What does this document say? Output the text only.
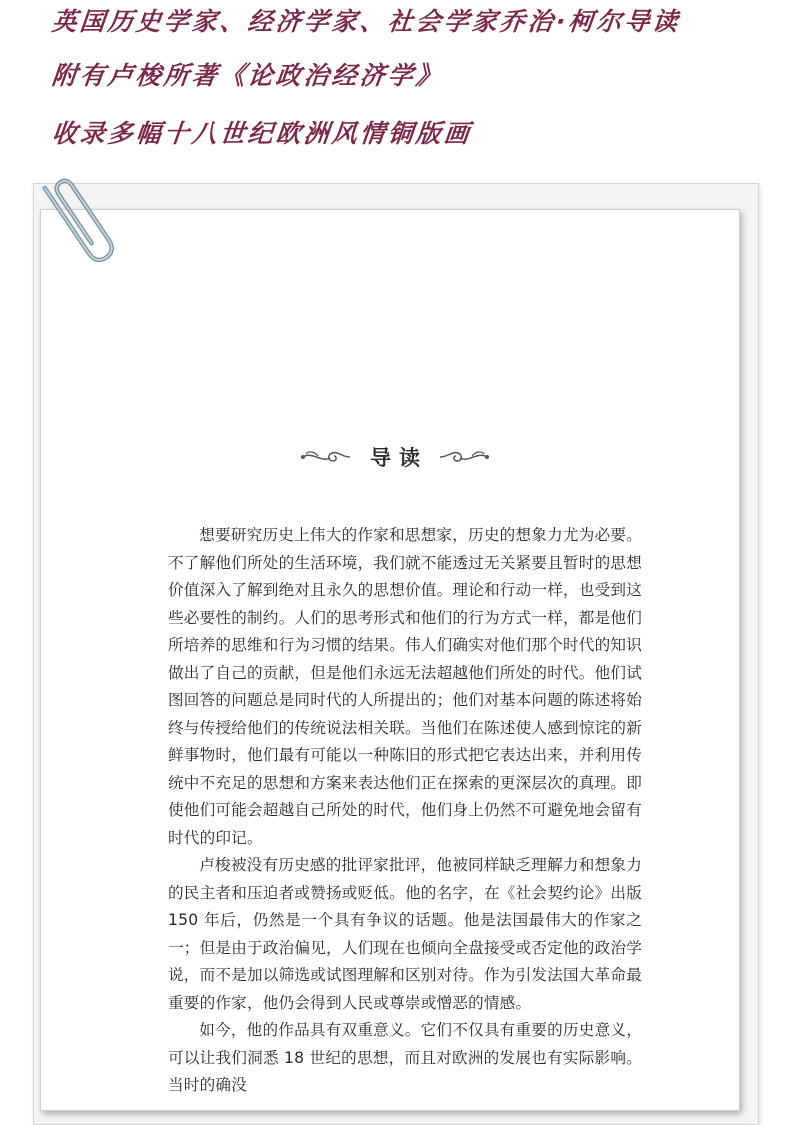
英国历史学家、经济学家、社会学家乔治·柯尔导读
附有卢梭所著《论政治经济学》
收录多幅十八世纪欧洲风情铜版画
导读

想要研究历史上伟大的作家和思想家，历史的想象力尤为必要。不了解他们所处的生活环境，我们就不能透过无关紧要且暂时的思想价值深入了解到绝对且永久的思想价值。理论和行动一样，也受到这些必要性的制约。人们的思考形式和他们的行为方式一样，都是他们所培养的思维和行为习惯的结果。伟人们确实对他们那个时代的知识做出了自己的贡献，但是他们永远无法超越他们所处的时代。他们试图回答的问题总是同时代的人所提出的；他们对基本问题的陈述将始终与传授给他们的传统说法相关联。当他们在陈述使人感到惊诧的新鲜事物时，他们最有可能以一种陈旧的形式把它表达出来，并利用传统中不充足的思想和方案来表达他们正在探索的更深层次的真理。即使他们可能会超越自己所处的时代，他们身上仍然不可避免地会留有时代的印记。

卢梭被没有历史感的批评家批评，他被同样缺乏理解力和想象力的民主者和压迫者或赞扬或贬低。他的名字，在《社会契约论》出版 150 年后，仍然是一个具有争议的话题。他是法国最伟大的作家之一；但是由于政治偏见，人们现在也倾向全盘接受或否定他的政治学说，而不是加以筛选或试图理解和区别对待。作为引发法国大革命最重要的作家，他仍会得到人民或尊崇或憎恶的情感。

如今，他的作品具有双重意义。它们不仅具有重要的历史意义，可以让我们洞悉 18 世纪的思想，而且对欧洲的发展也有实际影响。当时的确没
